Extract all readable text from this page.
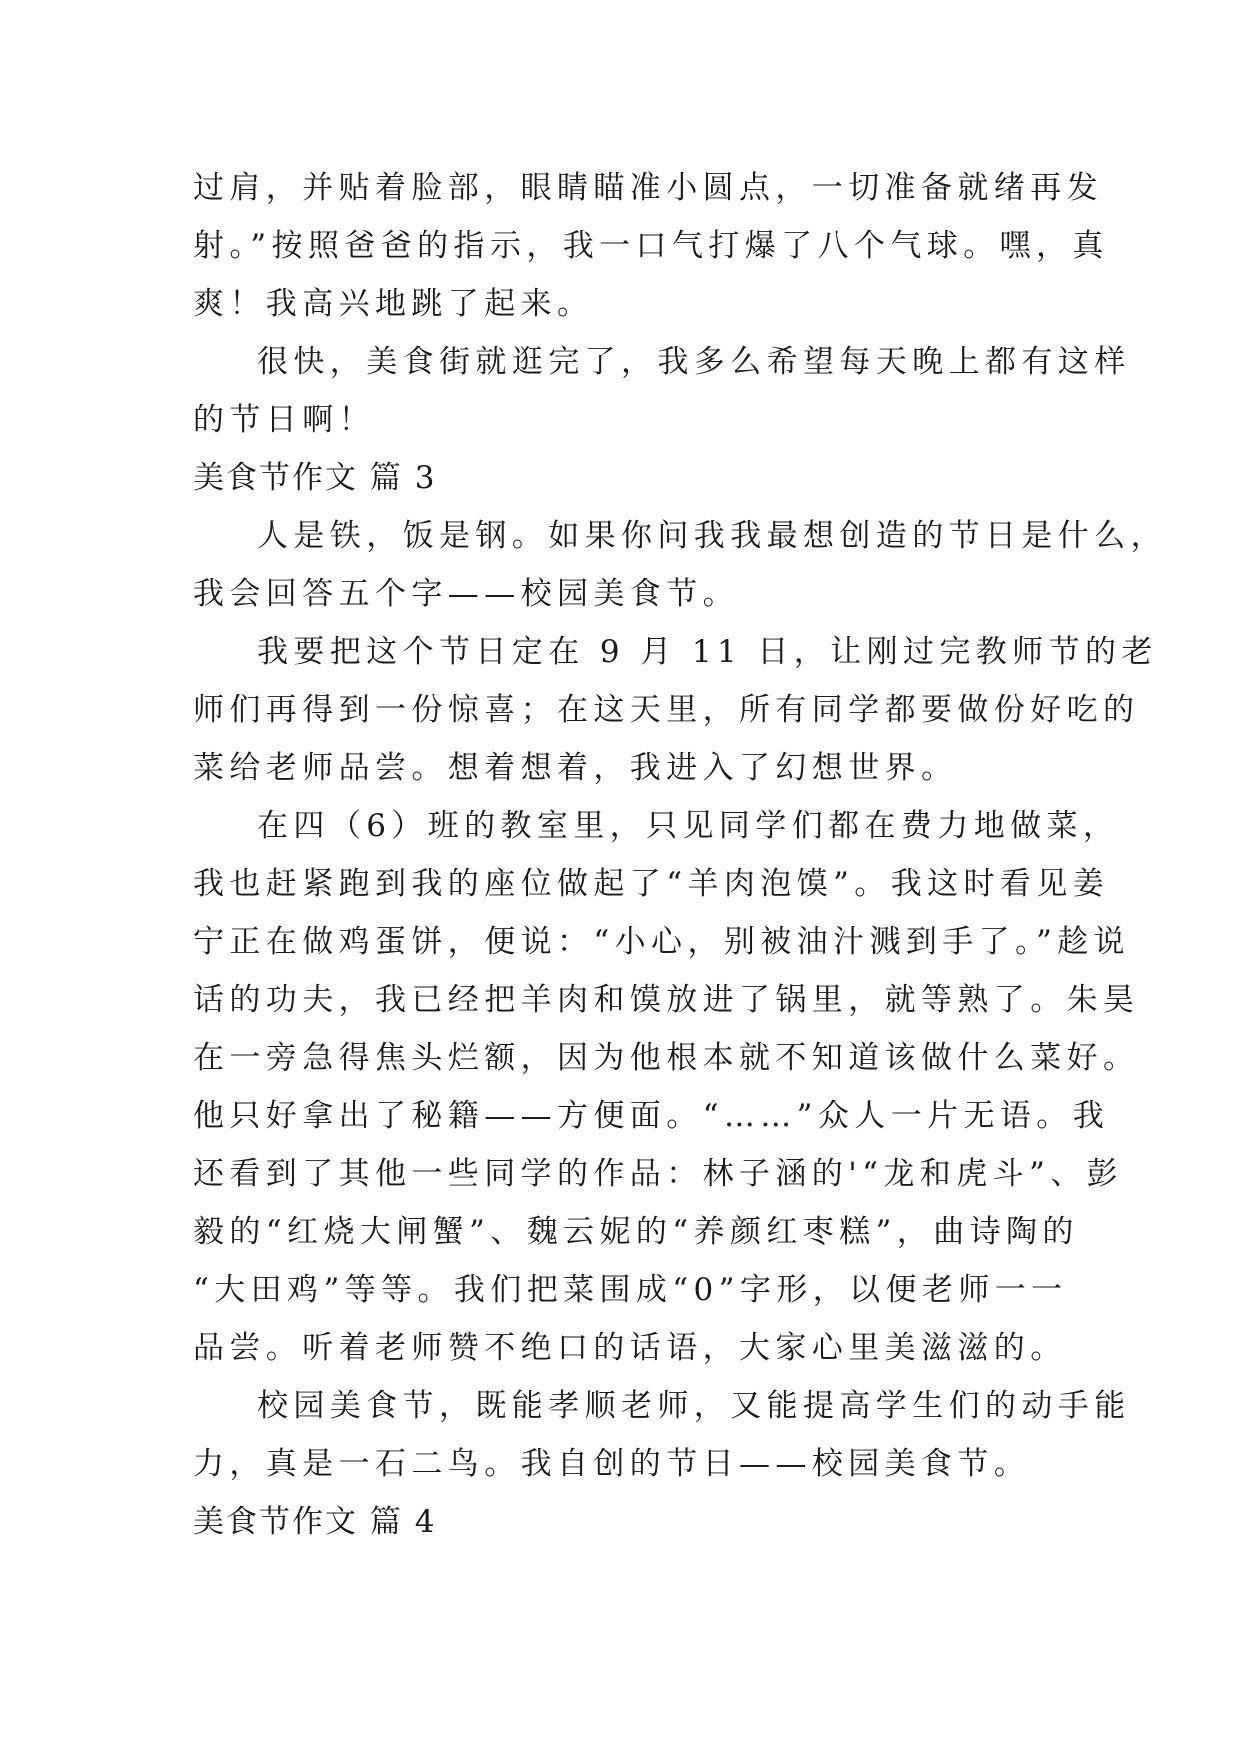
过肩，并贴着脸部，眼睛瞄准小圆点，一切准备就绪再发
射。”按照爸爸的指示，我一口气打爆了八个气球。嘿，真
爽！我高兴地跳了起来。
很快，美食街就逛完了，我多么希望每天晚上都有这样
的节日啊！
美食节作文 篇 3
人是铁，饭是钢。如果你问我我最想创造的节日是什么，
我会回答五个字——校园美食节。
我要把这个节日定在 9 月 11 日，让刚过完教师节的老
师们再得到一份惊喜；在这天里，所有同学都要做份好吃的
菜给老师品尝。想着想着，我进入了幻想世界。
在四（6）班的教室里，只见同学们都在费力地做菜，
我也赶紧跑到我的座位做起了“羊肉泡馍”。我这时看见姜
宁正在做鸡蛋饼，便说：“小心，别被油汁溅到手了。”趁说
话的功夫，我已经把羊肉和馍放进了锅里，就等熟了。朱昊
在一旁急得焦头烂额，因为他根本就不知道该做什么菜好。
他只好拿出了秘籍——方便面。“……”众人一片无语。我
还看到了其他一些同学的作品：林子涵的'“龙和虎斗”、彭
毅的“红烧大闸蟹”、魏云妮的“养颜红枣糕”，曲诗陶的
“大田鸡”等等。我们把菜围成“0”字形，以便老师一一
品尝。听着老师赞不绝口的话语，大家心里美滋滋的。
校园美食节，既能孝顺老师，又能提高学生们的动手能
力，真是一石二鸟。我自创的节日——校园美食节。
美食节作文 篇 4
